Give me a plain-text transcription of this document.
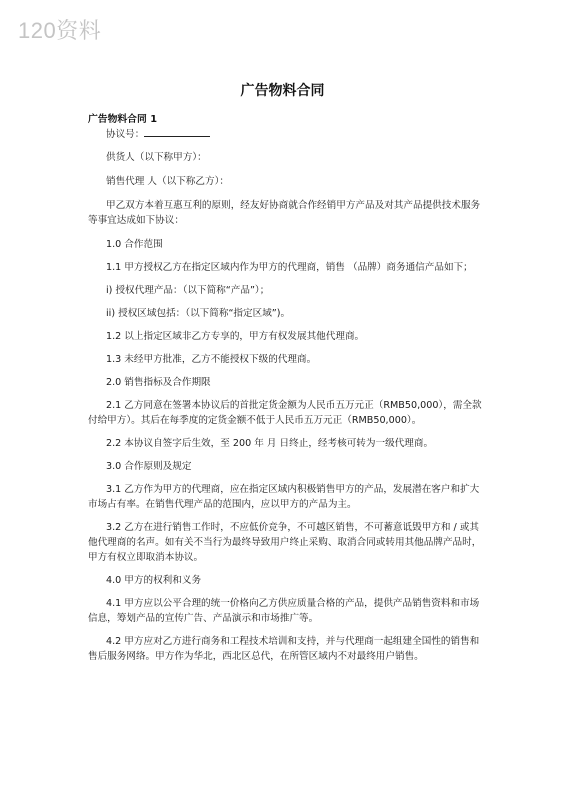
120资料
广告物料合同

广告物料合同 1

协议号：

供货人（以下称甲方）：

销售代理 人（以下称乙方）：

甲乙双方本着互惠互利的原则，经友好协商就合作经销甲方产品及对其产品提供技术服务等事宜达成如下协议：

1.0 合作范围

1.1 甲方授权乙方在指定区域内作为甲方的代理商，销售 （品牌）商务通信产品如下；

i) 授权代理产品：（以下简称“产品”）；

ii) 授权区域包括：（以下简称“指定区域”)。

1.2 以上指定区域非乙方专享的，甲方有权发展其他代理商。

1.3 未经甲方批准，乙方不能授权下级的代理商。

2.0 销售指标及合作期限

2.1 乙方同意在签署本协议后的首批定货金额为人民币五万元正（RMB50,000），需全款付给甲方）。其后在每季度的定货金额不低于人民币五万元正（RMB50,000）。

2.2 本协议自签字后生效，至 200 年 月 日终止，经考核可转为一级代理商。

3.0 合作原则及规定

3.1 乙方作为甲方的代理商，应在指定区域内积极销售甲方的产品，发展潜在客户和扩大市场占有率。在销售代理产品的范围内，应以甲方的产品为主。

3.2 乙方在进行销售工作时，不应低价竞争，不可越区销售，不可蓄意诋毁甲方和 / 或其他代理商的名声。如有关不当行为最终导致用户终止采购、取消合同或转用其他品牌产品时，甲方有权立即取消本协议。

4.0 甲方的权利和义务

4.1 甲方应以公平合理的统一价格向乙方供应质量合格的产品，提供产品销售资料和市场信息，筹划产品的宣传广告、产品演示和市场推广等。

4.2 甲方应对乙方进行商务和工程技术培训和支持，并与代理商一起组建全国性的销售和售后服务网络。甲方作为华北，西北区总代，在所管区域内不对最终用户销售。
